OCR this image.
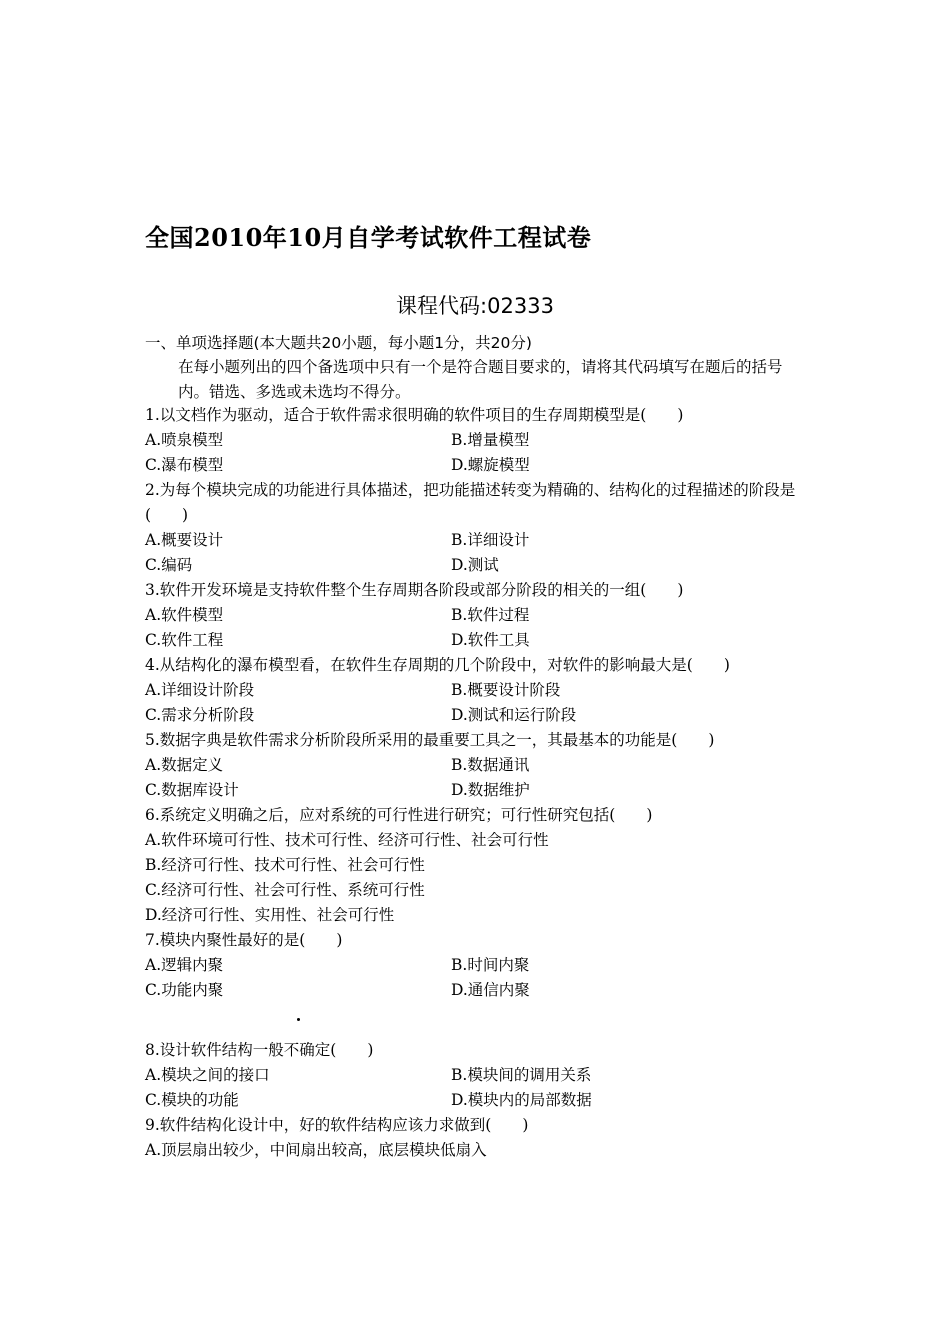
全国2010年10月自学考试软件工程试卷
课程代码:02333
一、单项选择题(本大题共20小题，每小题1分，共20分)
在每小题列出的四个备选项中只有一个是符合题目要求的，请将其代码填写在题后的括号内。错选、多选或未选均不得分。
1.以文档作为驱动，适合于软件需求很明确的软件项目的生存周期模型是(　　)
A.喷泉模型	B.增量模型
C.瀑布模型	D.螺旋模型
2.为每个模块完成的功能进行具体描述，把功能描述转变为精确的、结构化的过程描述的阶段是(　　)
A.概要设计	B.详细设计
C.编码	D.测试
3.软件开发环境是支持软件整个生存周期各阶段或部分阶段的相关的一组(　　)
A.软件模型	B.软件过程
C.软件工程	D.软件工具
4.从结构化的瀑布模型看，在软件生存周期的几个阶段中，对软件的影响最大是(　　)
A.详细设计阶段	B.概要设计阶段
C.需求分析阶段	D.测试和运行阶段
5.数据字典是软件需求分析阶段所采用的最重要工具之一，其最基本的功能是(　　)
A.数据定义	B.数据通讯
C.数据库设计	D.数据维护
6.系统定义明确之后，应对系统的可行性进行研究；可行性研究包括(　　)
A.软件环境可行性、技术可行性、经济可行性、社会可行性
B.经济可行性、技术可行性、社会可行性
C.经济可行性、社会可行性、系统可行性
D.经济可行性、实用性、社会可行性
7.模块内聚性最好的是(　　)
A.逻辑内聚	B.时间内聚
C.功能内聚	D.通信内聚
8.设计软件结构一般不确定(　　)
A.模块之间的接口	B.模块间的调用关系
C.模块的功能	D.模块内的局部数据
9.软件结构化设计中，好的软件结构应该力求做到(　　)
A.顶层扇出较少，中间扇出较高，底层模块低扇入
